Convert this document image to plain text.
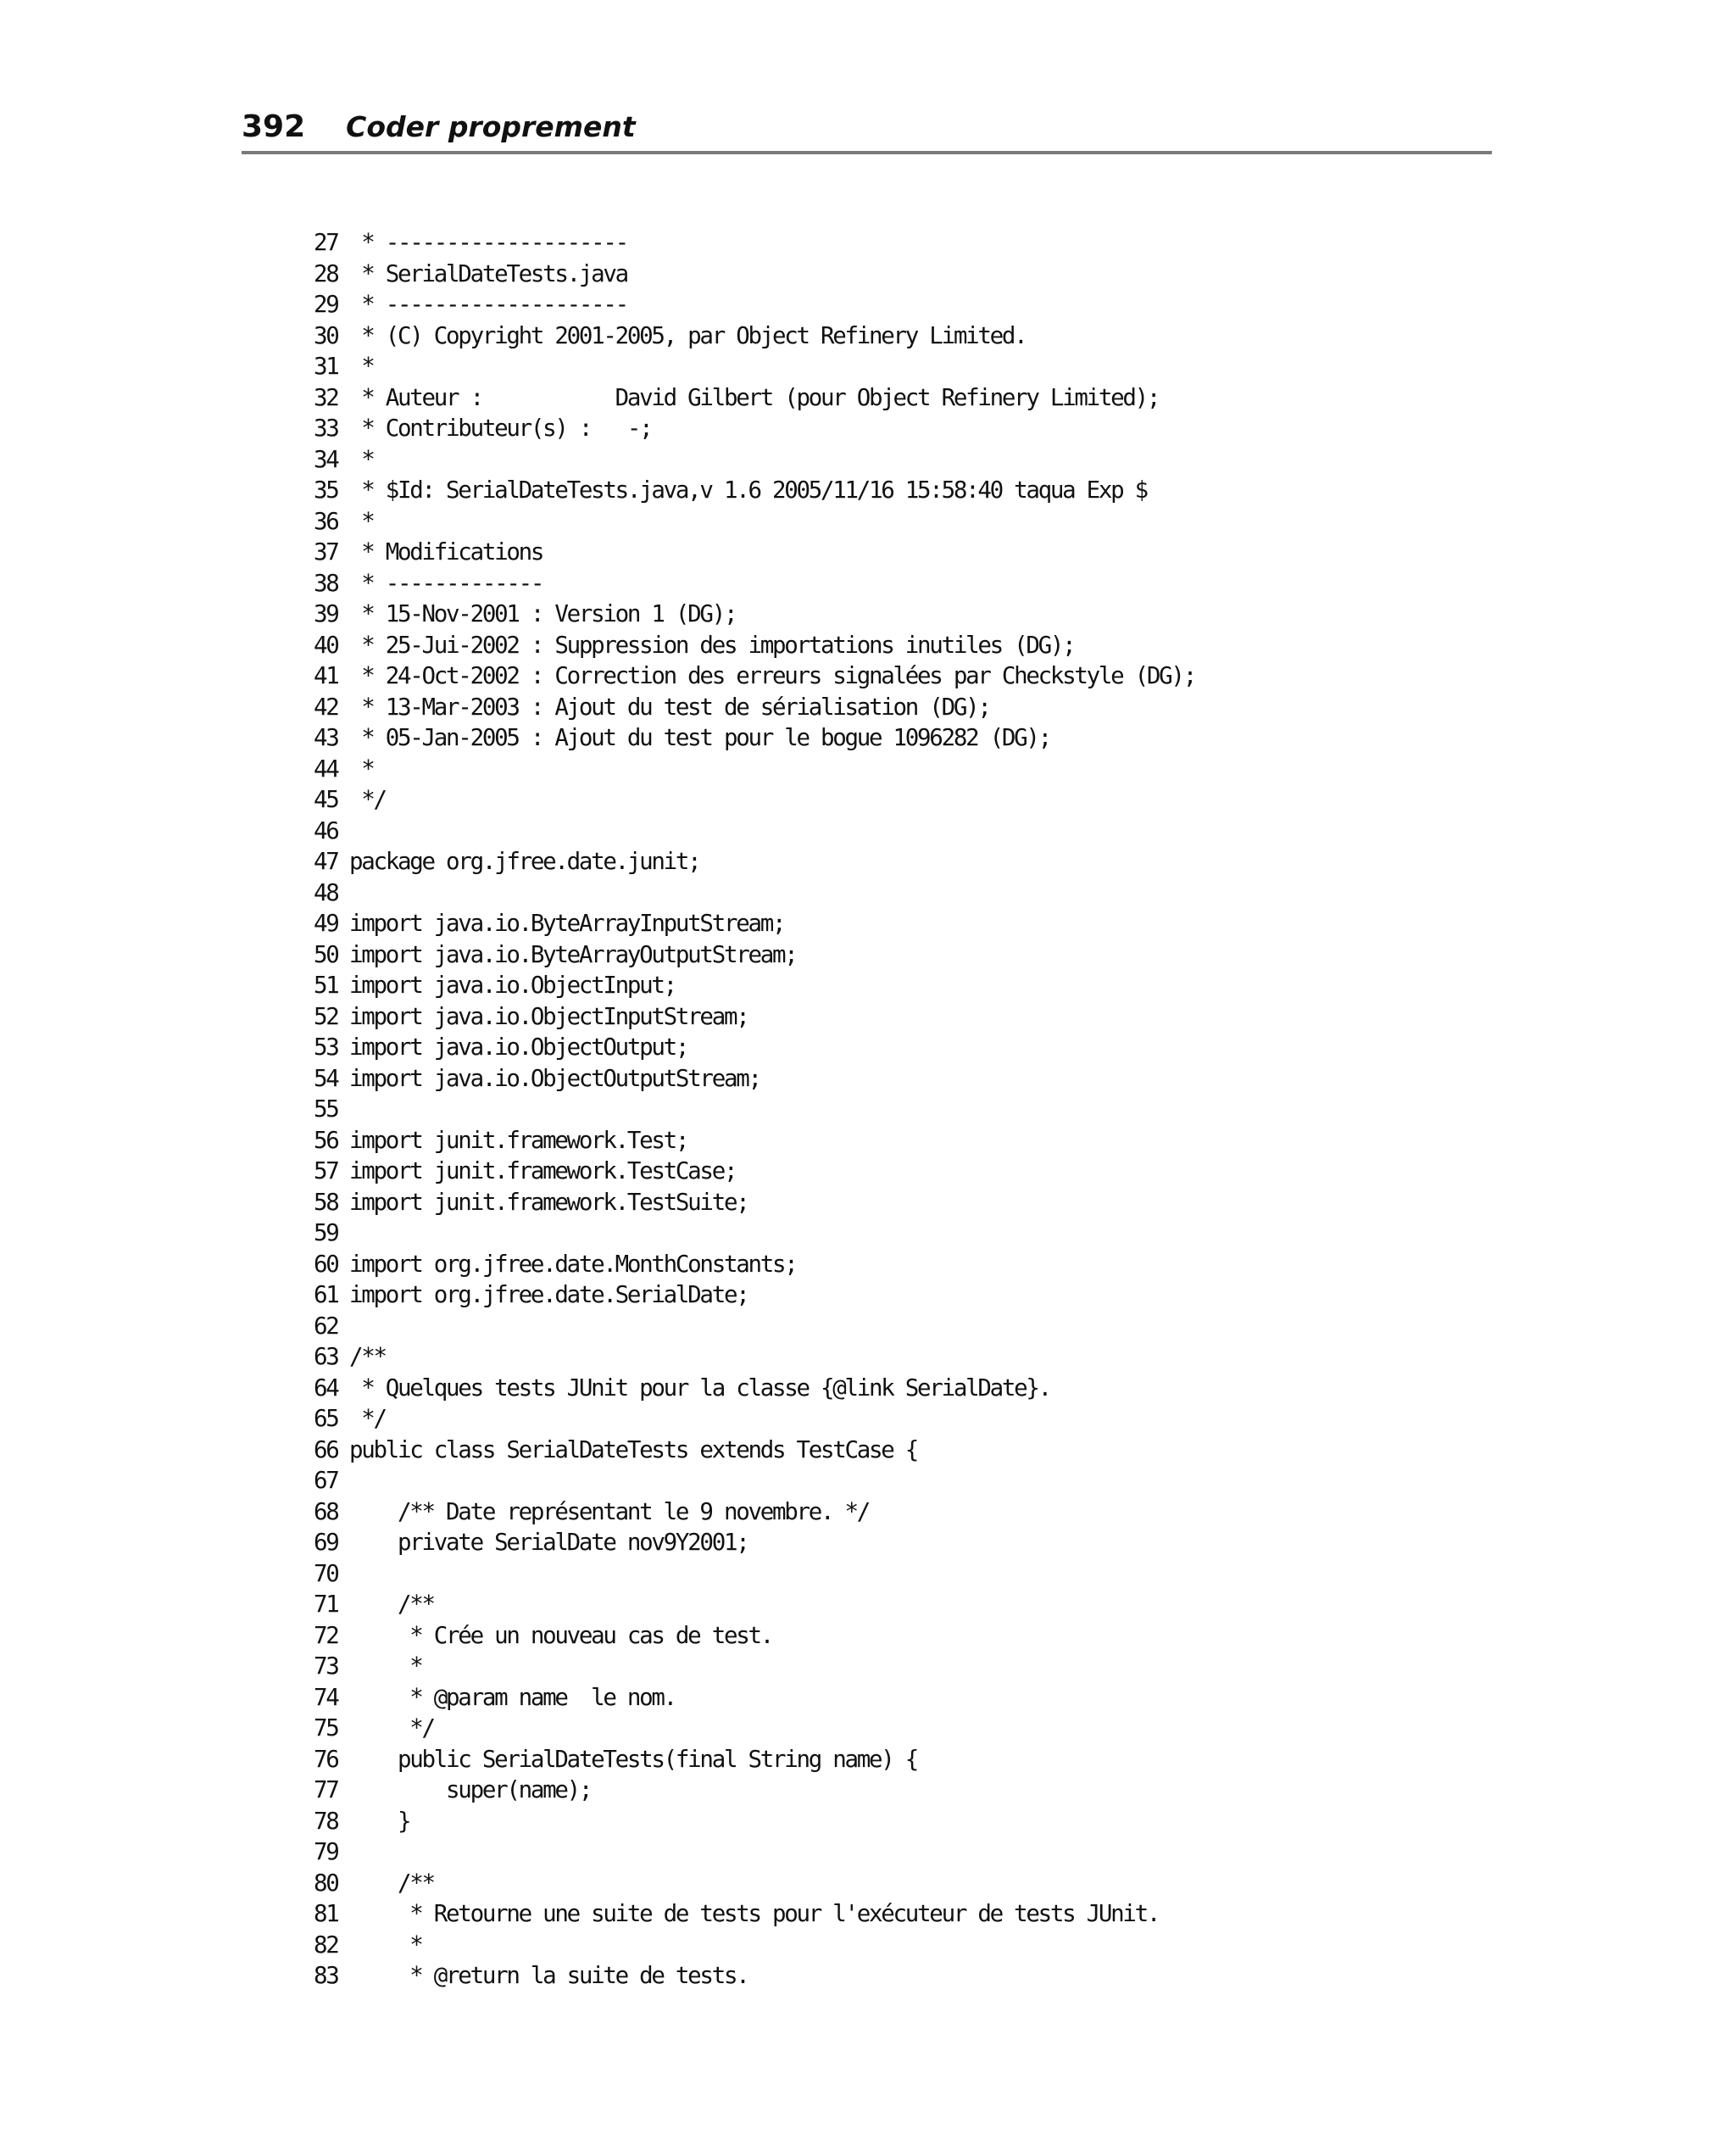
392 Coder proprement
27 * --------------------
28 * SerialDateTests.java
29 * --------------------
30 * (C) Copyright 2001-2005, par Object Refinery Limited.
31 *
32 * Auteur :           David Gilbert (pour Object Refinery Limited);
33 * Contributeur(s) :   -;
34 *
35 * $Id: SerialDateTests.java,v 1.6 2005/11/16 15:58:40 taqua Exp $
36 *
37 * Modifications
38 * -------------
39 * 15-Nov-2001 : Version 1 (DG);
40 * 25-Jui-2002 : Suppression des importations inutiles (DG);
41 * 24-Oct-2002 : Correction des erreurs signalées par Checkstyle (DG);
42 * 13-Mar-2003 : Ajout du test de sérialisation (DG);
43 * 05-Jan-2005 : Ajout du test pour le bogue 1096282 (DG);
44 *
45 */
46
47 package org.jfree.date.junit;
48
49 import java.io.ByteArrayInputStream;
50 import java.io.ByteArrayOutputStream;
51 import java.io.ObjectInput;
52 import java.io.ObjectInputStream;
53 import java.io.ObjectOutput;
54 import java.io.ObjectOutputStream;
55
56 import junit.framework.Test;
57 import junit.framework.TestCase;
58 import junit.framework.TestSuite;
59
60 import org.jfree.date.MonthConstants;
61 import org.jfree.date.SerialDate;
62
63 /**
64 * Quelques tests JUnit pour la classe {@link SerialDate}.
65 */
66 public class SerialDateTests extends TestCase {
67
68 /** Date représentant le 9 novembre. */
69 private SerialDate nov9Y2001;
70
71 /**
72 * Crée un nouveau cas de test.
73 *
74 * @param name  le nom.
75 */
76 public SerialDateTests(final String name) {
77 super(name);
78 }
79
80 /**
81 * Retourne une suite de tests pour l'exécuteur de tests JUnit.
82 *
83 * @return la suite de tests.
